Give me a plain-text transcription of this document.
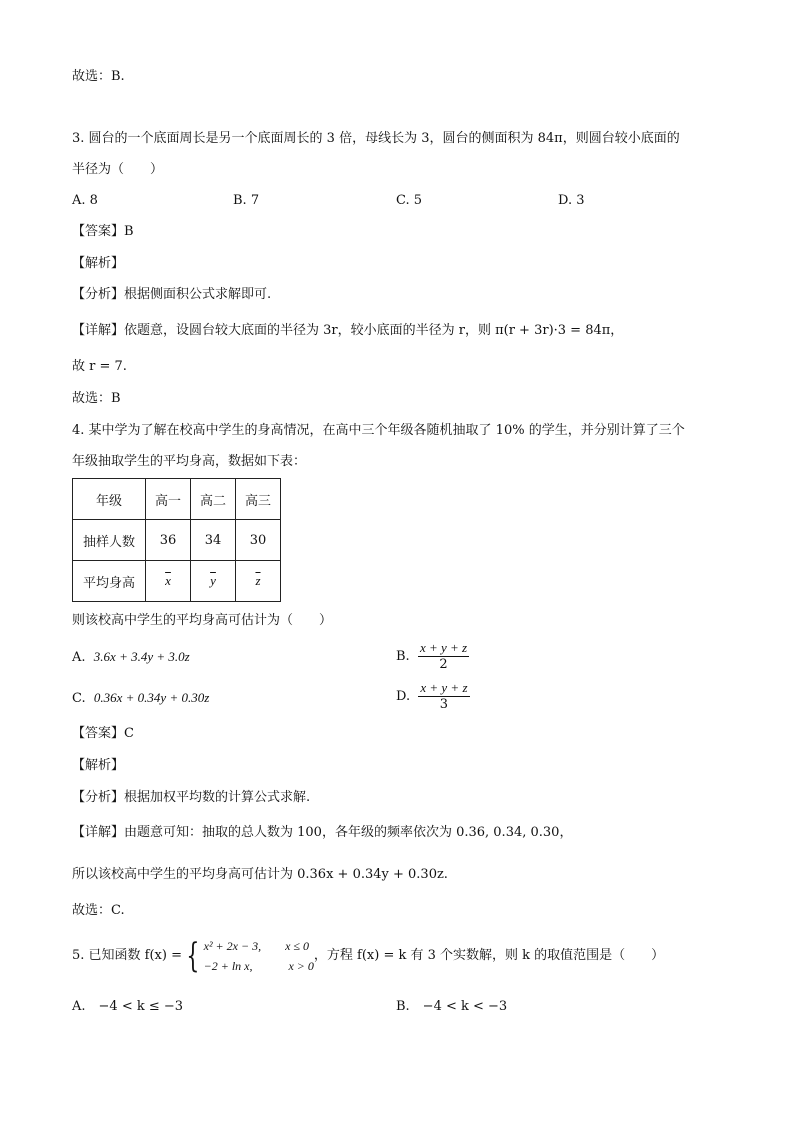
故选：B.
3. 圆台的一个底面周长是另一个底面周长的 3 倍，母线长为 3，圆台的侧面积为 84π，则圆台较小底面的
半径为（　　）
A. 8	B. 7	C. 5	D. 3
【答案】B
【解析】
【分析】根据侧面积公式求解即可.
【详解】依题意，设圆台较大底面的半径为 3r，较小底面的半径为 r，则 π(r + 3r)·3 = 84π，
故 r = 7.
故选：B
4. 某中学为了解在校高中学生的身高情况，在高中三个年级各随机抽取了 10% 的学生，并分别计算了三个
年级抽取学生的平均身高，数据如下表：
年级	高一	高二	高三
抽样人数	36	34	30
平均身高	$\overline{x}$	$\overline{y}$	$\overline{z}$
则该校高中学生的平均身高可估计为（　　）
A. 3.6x + 3.4y + 3.0z	B. $\frac{x + y + z}{2}$
C. 0.36x + 0.34y + 0.30z	D. $\frac{x + y + z}{3}$
【答案】C
【解析】
【分析】根据加权平均数的计算公式求解.
【详解】由题意可知：抽取的总人数为 100，各年级的频率依次为 0.36, 0.34, 0.30，
所以该校高中学生的平均身高可估计为 0.36x + 0.34y + 0.30z.
故选：C.
5. 已知函数 f(x) = { x² + 2x − 3,　　x ≤ 0
−2 + ln x,　　　x > 0
，方程 f(x) = k 有 3 个实数解，则 k 的取值范围是（　　）
A.　−4 < k ≤ −3	B.　−4 < k < −3
